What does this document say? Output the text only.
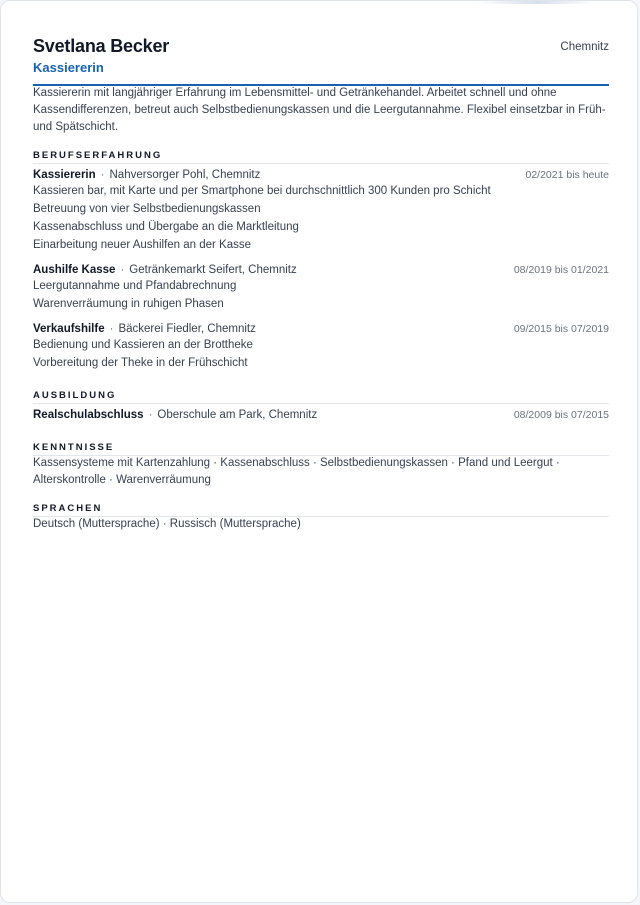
Svetlana Becker
Kassiererin
Chemnitz
Kassiererin mit langjähriger Erfahrung im Lebensmittel- und Getränkehandel. Arbeitet schnell und ohne Kassendifferenzen, betreut auch Selbstbedienungskassen und die Leergutannahme. Flexibel einsetzbar in Früh- und Spätschicht.
BERUFSERFAHRUNG
Kassiererin · Nahversorger Pohl, Chemnitz	02/2021 bis heute
Kassieren bar, mit Karte und per Smartphone bei durchschnittlich 300 Kunden pro Schicht
Betreuung von vier Selbstbedienungskassen
Kassenabschluss und Übergabe an die Marktleitung
Einarbeitung neuer Aushilfen an der Kasse
Aushilfe Kasse · Getränkemarkt Seifert, Chemnitz	08/2019 bis 01/2021
Leergutannahme und Pfandabrechnung
Warenverräumung in ruhigen Phasen
Verkaufshilfe · Bäckerei Fiedler, Chemnitz	09/2015 bis 07/2019
Bedienung und Kassieren an der Brottheke
Vorbereitung der Theke in der Frühschicht
AUSBILDUNG
Realschulabschluss · Oberschule am Park, Chemnitz	08/2009 bis 07/2015
KENNTNISSE
Kassensysteme mit Kartenzahlung · Kassenabschluss · Selbstbedienungskassen · Pfand und Leergut · Alterskontrolle · Warenverräumung
SPRACHEN
Deutsch (Muttersprache) · Russisch (Muttersprache)
